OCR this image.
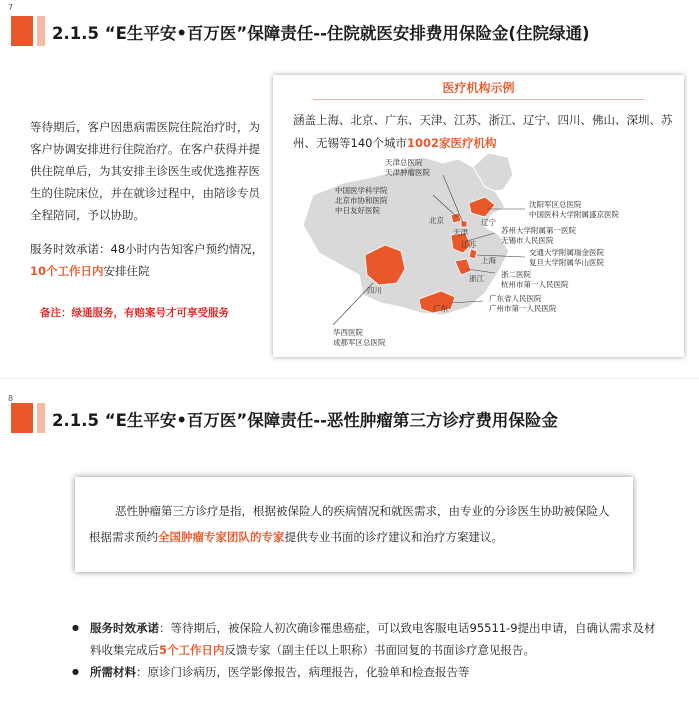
7
2.1.5 “E生平安•百万医”保障责任--住院就医安排费用保险金(住院绿通)
等待期后，客户因患病需医院住院治疗时，为客户协调安排进行住院治疗。在客户获得并提供住院单后，为其安排主诊医生或优选推荐医生的住院床位，并在就诊过程中，由陪诊专员全程陪同，予以协助。
服务时效承诺：48小时内告知客户预约情况，10个工作日内安排住院
备注：绿通服务，有赔案号才可享受服务
医疗机构示例
涵盖上海、北京、广东、天津、江苏、浙江、辽宁、四川、佛山、深圳、苏州、无锡等140个城市1002家医疗机构
北京
天津
辽宁
江苏
上海
浙江
四川
广东
天津总医院
天津肿瘤医院
中国医学科学院
北京市协和医院
中日友好医院
沈阳军区总医院
中国医科大学附属盛京医院
苏州大学附属第一医院
无锡市人民医院
交通大学附属瑞金医院
复旦大学附属华山医院
浙二医院
杭州市第一人民医院
广东省人民医院
广州市第一人民医院
华西医院
成都军区总医院
8
2.1.5 “E生平安•百万医”保障责任--恶性肿瘤第三方诊疗费用保险金
恶性肿瘤第三方诊疗是指，根据被保险人的疾病情况和就医需求，由专业的分诊医生协助被保险人
根据需求预约全国肿瘤专家团队的专家提供专业书面的诊疗建议和治疗方案建议。
● 服务时效承诺：等待期后，被保险人初次确诊罹患癌症，可以致电客服电话95511-9提出申请，自确认需求及材料收集完成后5个工作日内反馈专家（副主任以上职称）书面回复的书面诊疗意见报告。
● 所需材料：原诊门诊病历，医学影像报告，病理报告，化验单和检查报告等
